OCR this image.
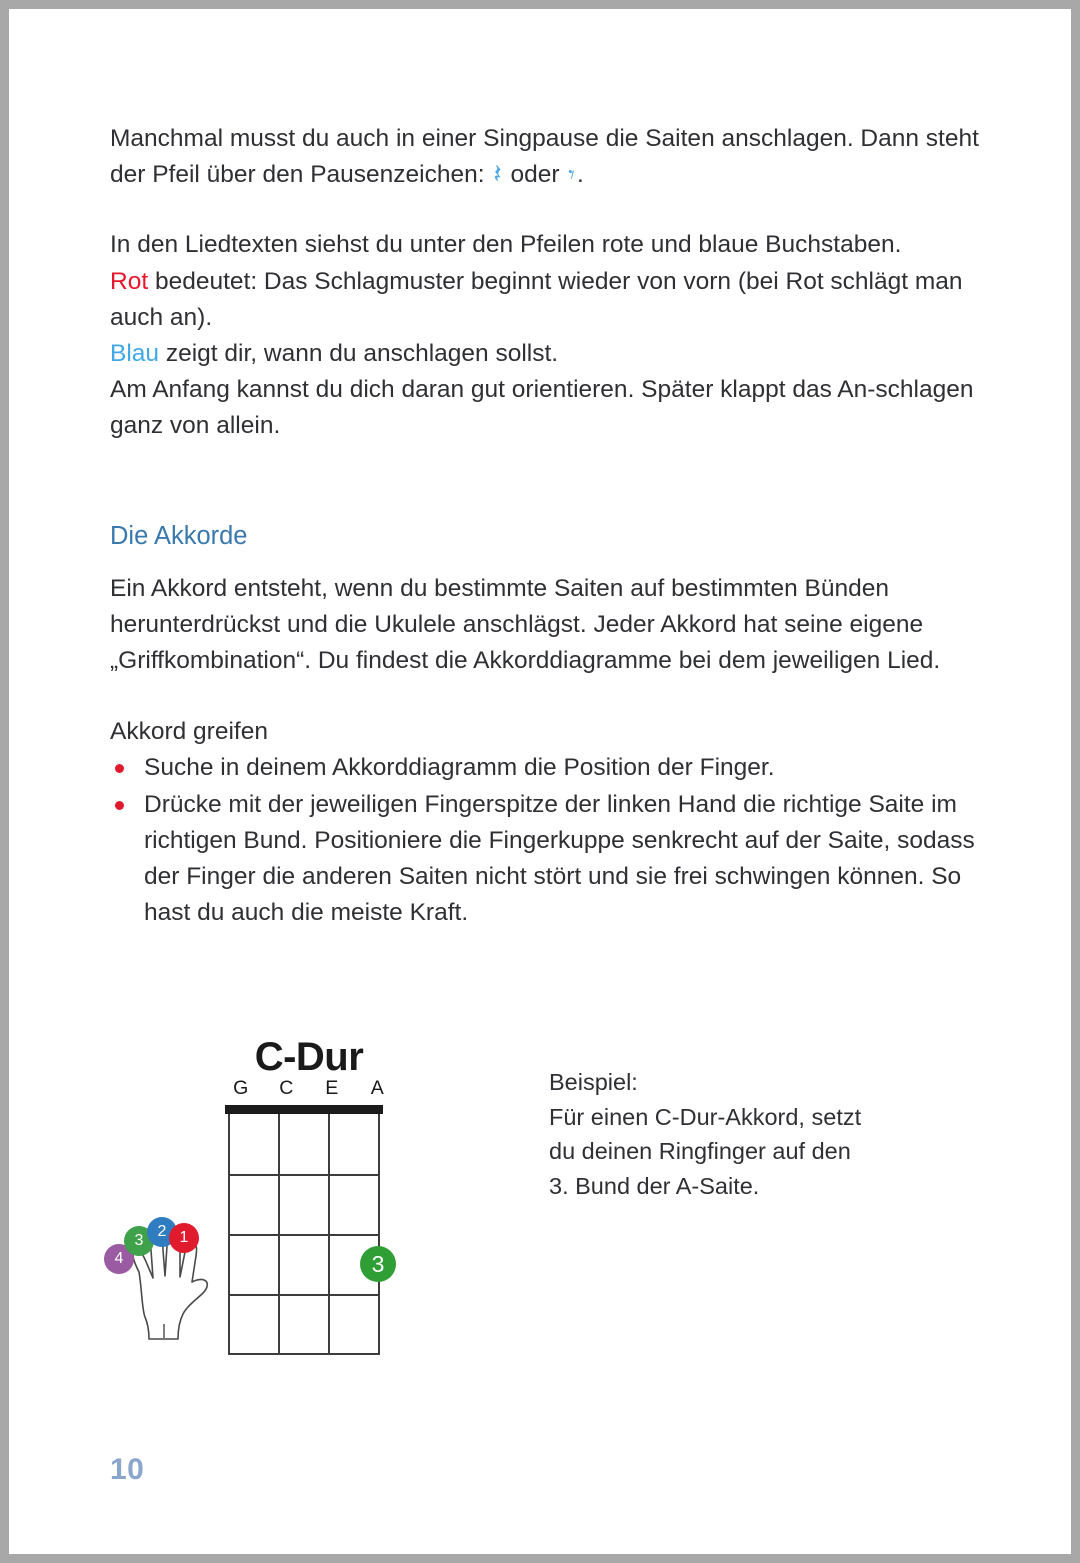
Manchmal musst du auch in einer Singpause die Saiten anschlagen. Dann steht der Pfeil über den Pausenzeichen: 𝄽 oder 𝄾.

In den Liedtexten siehst du unter den Pfeilen rote und blaue Buchstaben.
Rot bedeutet: Das Schlagmuster beginnt wieder von vorn (bei Rot schlägt man auch an).
Blau zeigt dir, wann du anschlagen sollst.
Am Anfang kannst du dich daran gut orientieren. Später klappt das An-schlagen ganz von allein.
Die Akkorde

Ein Akkord entsteht, wenn du bestimmte Saiten auf bestimmten Bünden herunterdrückst und die Ukulele anschlägst. Jeder Akkord hat seine eigene „Griffkombination“. Du findest die Akkorddiagramme bei dem jeweiligen Lied.

Akkord greifen
Suche in deinem Akkorddiagramm die Position der Finger.
Drücke mit der jeweiligen Fingerspitze der linken Hand die richtige Saite im richtigen Bund. Positioniere die Fingerkuppe senkrecht auf der Saite, sodass der Finger die anderen Saiten nicht stört und sie frei schwingen können. So hast du auch die meiste Kraft.
C-Dur
G	C	E	A
3
4
3
2 1
Beispiel:
Für einen C-Dur-Akkord, setzt
du deinen Ringfinger auf den
3. Bund der A-Saite.
10
